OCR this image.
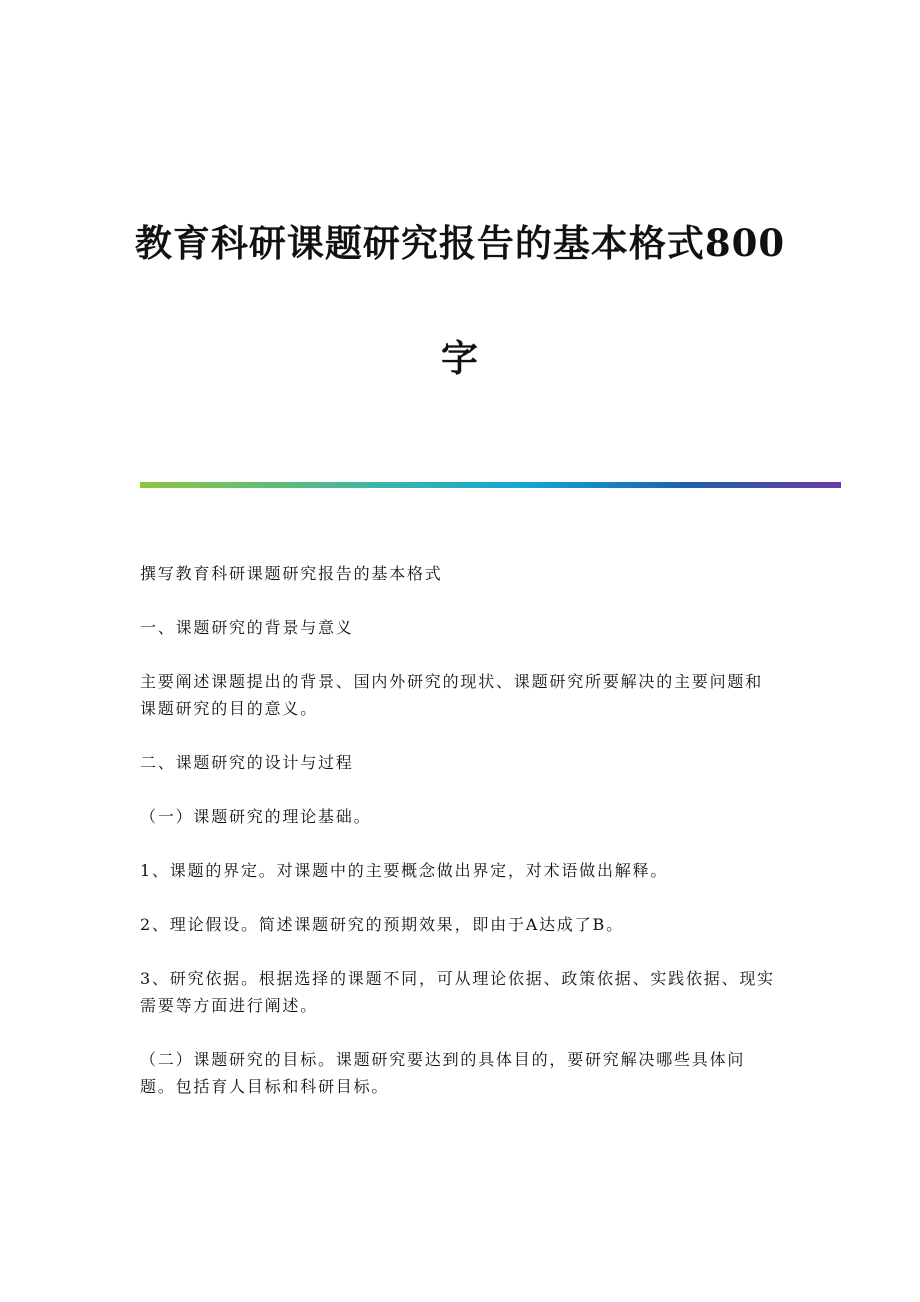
教育科研课题研究报告的基本格式800
字

撰写教育科研课题研究报告的基本格式

一、课题研究的背景与意义

主要阐述课题提出的背景、国内外研究的现状、课题研究所要解决的主要问题和课题研究的目的意义。

二、课题研究的设计与过程

（一）课题研究的理论基础。

1、课题的界定。对课题中的主要概念做出界定，对术语做出解释。

2、理论假设。简述课题研究的预期效果，即由于A达成了B。

3、研究依据。根据选择的课题不同，可从理论依据、政策依据、实践依据、现实需要等方面进行阐述。

（二）课题研究的目标。课题研究要达到的具体目的，要研究解决哪些具体问题。包括育人目标和科研目标。
